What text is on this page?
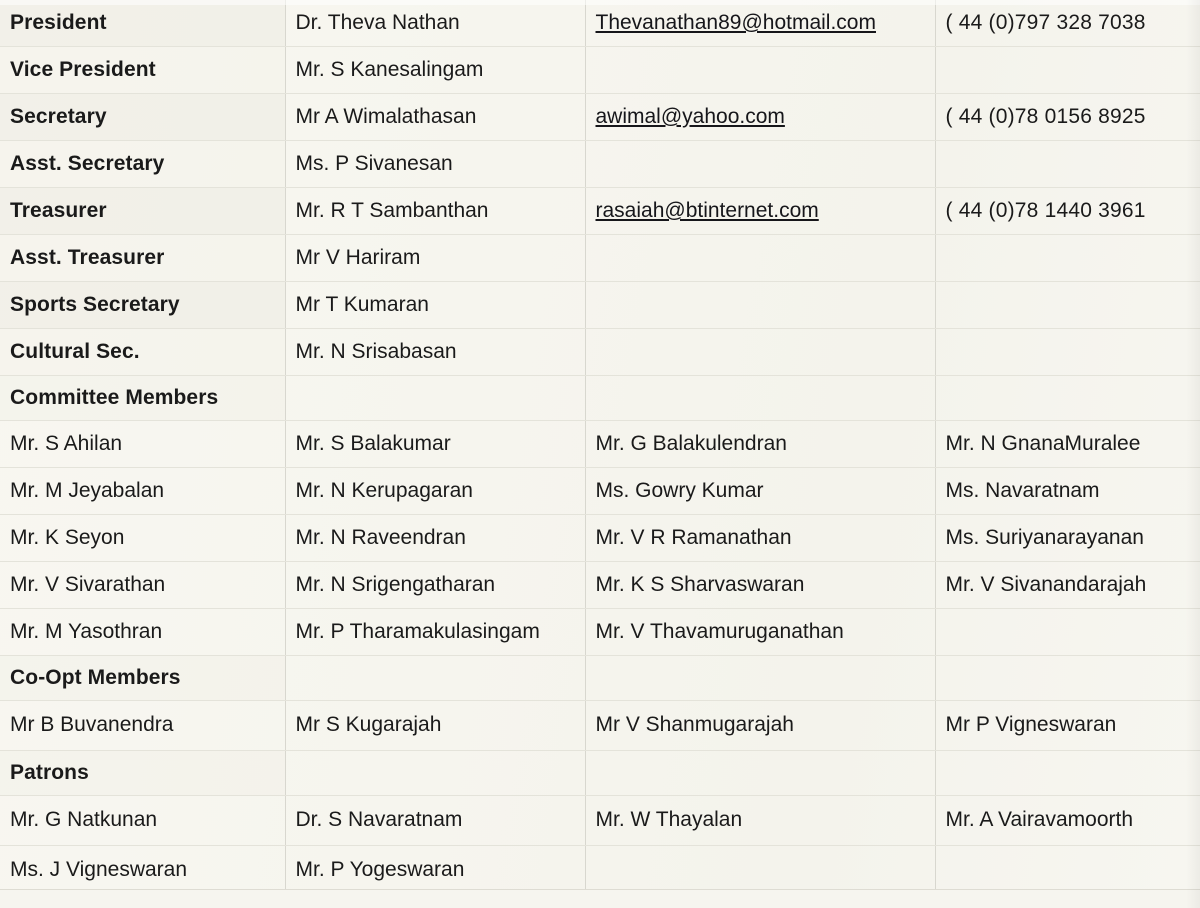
President	Dr. Theva Nathan	Thevanathan89@hotmail.com	( 44 (0)797 328 7038
Vice President	Mr. S Kanesalingam		
Secretary	Mr A Wimalathasan	awimal@yahoo.com	( 44 (0)78 0156 8925
Asst. Secretary	Ms. P Sivanesan		
Treasurer	Mr. R T Sambanthan	rasaiah@btinternet.com	( 44 (0)78 1440 3961
Asst. Treasurer	Mr V Hariram		
Sports Secretary	Mr T Kumaran		
Cultural Sec.	Mr. N Srisabasan		
Committee Members			
Mr. S Ahilan	Mr. S Balakumar	Mr. G Balakulendran	Mr. N GnanaMuralee
Mr. M Jeyabalan	Mr. N Kerupagaran	Ms. Gowry Kumar	Ms. Navaratnam
Mr. K Seyon	Mr. N Raveendran	Mr. V R Ramanathan	Ms. Suriyanarayanan
Mr. V Sivarathan	Mr. N Srigengatharan	Mr. K S Sharvaswaran	Mr. V Sivanandarajah
Mr. M Yasothran	Mr. P Tharamakulasingam	Mr. V Thavamuruganathan	
Co-Opt Members			
Mr B Buvanendra	Mr S Kugarajah	Mr V Shanmugarajah	Mr P Vigneswaran
Patrons			
Mr. G Natkunan	Dr. S Navaratnam	Mr. W Thayalan	Mr. A Vairavamoorth
Ms. J Vigneswaran	Mr. P Yogeswaran		
